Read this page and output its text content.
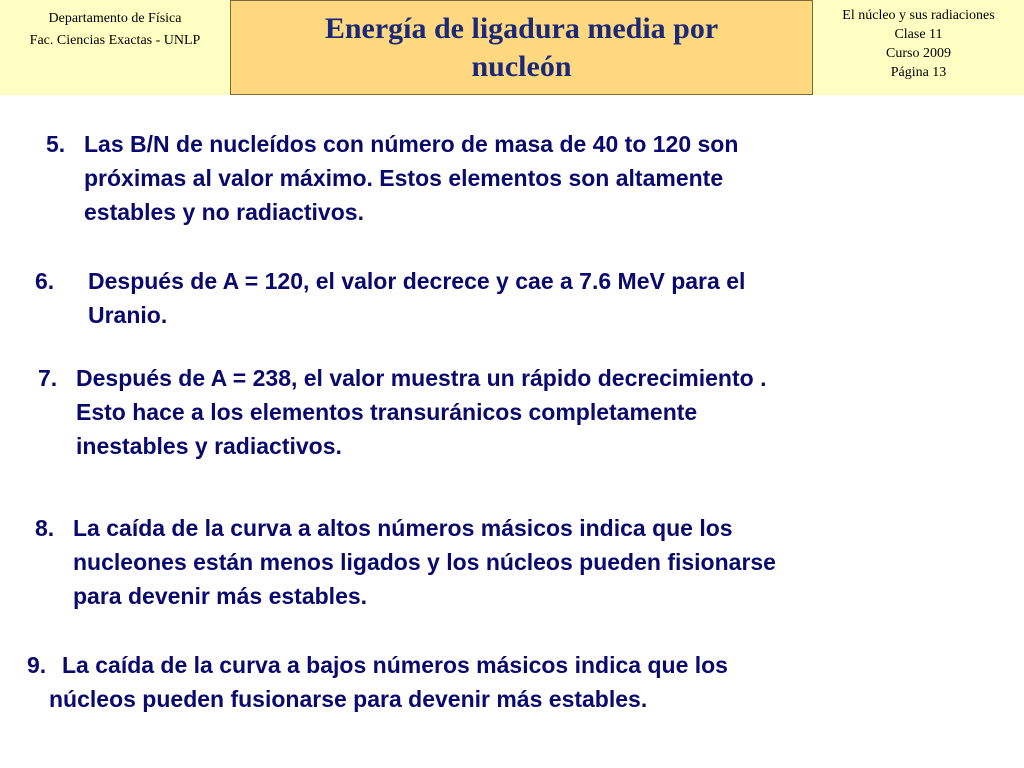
Departamento de Física
Fac. Ciencias Exactas - UNLP	Energía de ligadura media por nucleón
El núcleo y sus radiaciones
Clase 11
Curso 2009
Página 13
5. Las B/N de nucleídos con número de masa de 40 to 120 son
próximas al valor máximo. Estos elementos son altamente
estables y no radiactivos.
6.	Después de A = 120, el valor decrece y cae a 7.6 MeV para el
Uranio.
7. Después de A = 238, el valor muestra un rápido decrecimiento .
Esto hace a los elementos transuránicos completamente
inestables y radiactivos.
8. La caída de la curva a altos números másicos indica que los
nucleones están menos ligados y los núcleos pueden fisionarse
para devenir más estables.
9. La caída de la curva a bajos números másicos indica que los
núcleos pueden fusionarse para devenir más estables.
